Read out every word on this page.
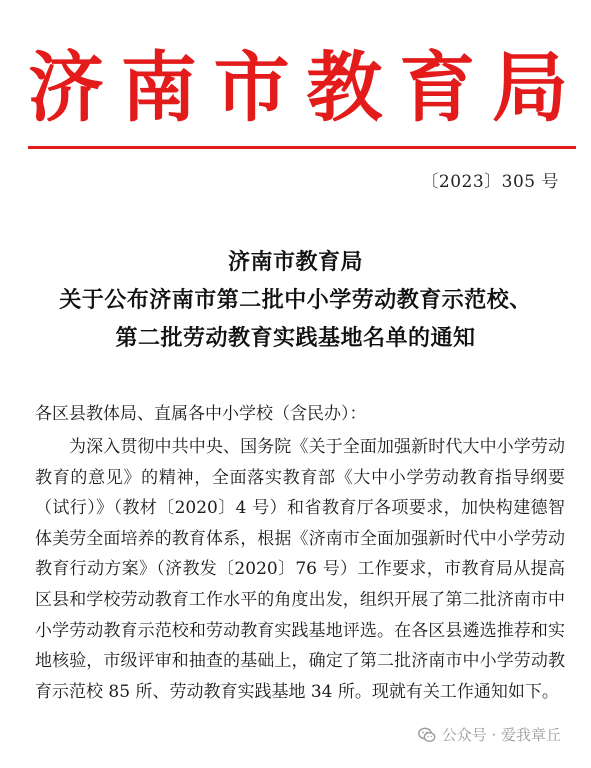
济 南 市 教 育 局
〔2023〕305 号
济南市教育局
关于公布济南市第二批中小学劳动教育示范校、
第二批劳动教育实践基地名单的通知
各区县教体局、直属各中小学校（含民办）：

为深入贯彻中共中央、国务院《关于全面加强新时代大中小学劳动教育的意见》的精神，全面落实教育部《大中小学劳动教育指导纲要（试行）》（教材〔2020〕4 号）和省教育厅各项要求，加快构建德智体美劳全面培养的教育体系，根据《济南市全面加强新时代中小学劳动教育行动方案》（济教发〔2020〕76 号）工作要求，市教育局从提高区县和学校劳动教育工作水平的角度出发，组织开展了第二批济南市中小学劳动教育示范校和劳动教育实践基地评选。在各区县遴选推荐和实地核验，市级评审和抽查的基础上，确定了第二批济南市中小学劳动教育示范校 85 所、劳动教育实践基地 34 所。现就有关工作通知如下。

公众号 · 爱我章丘
